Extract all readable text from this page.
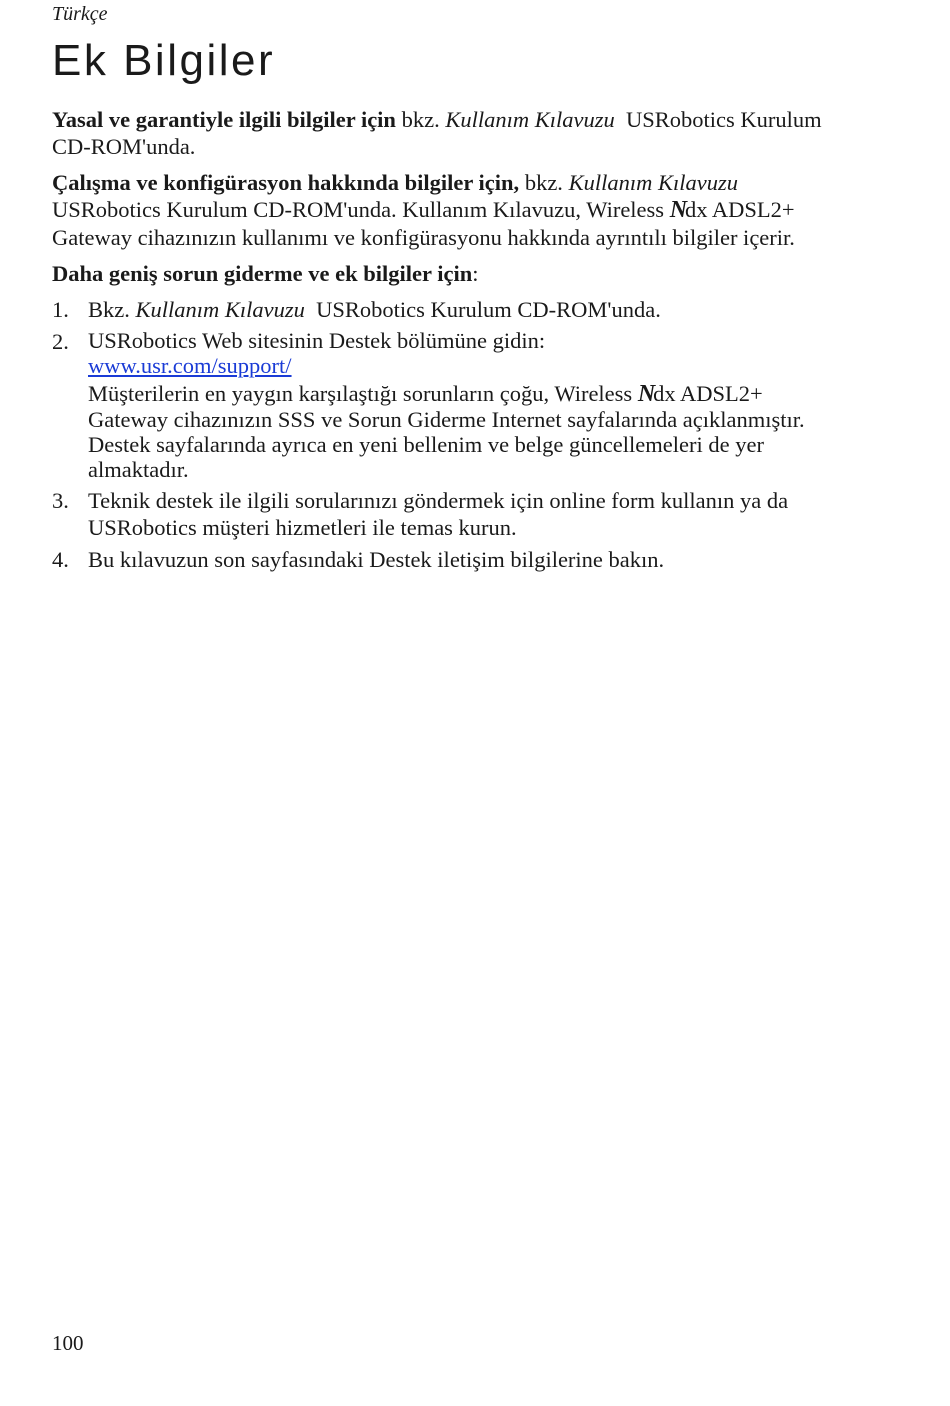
Türkçe
Ek Bilgiler

Yasal ve garantiyle ilgili bilgiler için bkz. Kullanım Kılavuzu  USRobotics Kurulum CD-ROM'unda.

Çalışma ve konfigürasyon hakkında bilgiler için, bkz. Kullanım Kılavuzu  USRobotics Kurulum CD-ROM'unda. Kullanım Kılavuzu, Wireless Ndx ADSL2+ Gateway cihazınızın kullanımı ve konfigürasyonu hakkında ayrıntılı bilgiler içerir.

Daha geniş sorun giderme ve ek bilgiler için:

1. Bkz. Kullanım Kılavuzu  USRobotics Kurulum CD-ROM'unda.
2. USRobotics Web sitesinin Destek bölümüne gidin:
www.usr.com/support/
Müşterilerin en yaygın karşılaştığı sorunların çoğu, Wireless Ndx ADSL2+ Gateway cihazınızın SSS ve Sorun Giderme Internet sayfalarında açıklanmıştır. Destek sayfalarında ayrıca en yeni bellenim ve belge güncellemeleri de yer almaktadır.
3. Teknik destek ile ilgili sorularınızı göndermek için online form kullanın ya da USRobotics müşteri hizmetleri ile temas kurun.
4. Bu kılavuzun son sayfasındaki Destek iletişim bilgilerine bakın.
100
